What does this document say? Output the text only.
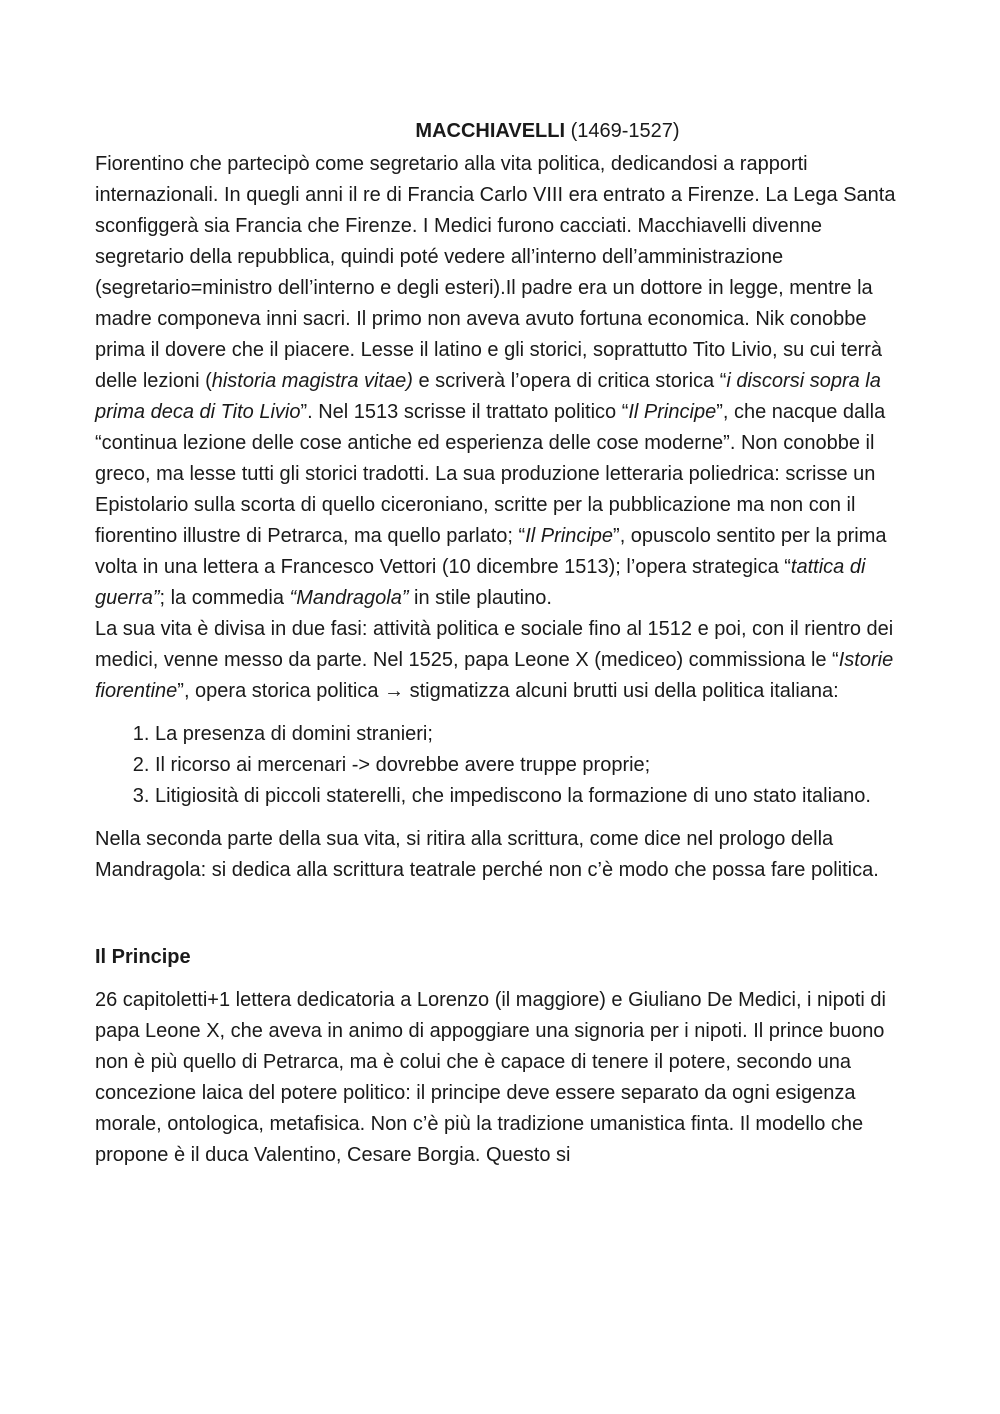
MACCHIAVELLI (1469-1527)

Fiorentino che partecipò come segretario alla vita politica, dedicandosi a rapporti internazionali. In quegli anni il re di Francia Carlo VIII era entrato a Firenze. La Lega Santa sconfiggerà sia Francia che Firenze. I Medici furono cacciati. Macchiavelli divenne segretario della repubblica, quindi poté vedere all’interno dell’amministrazione (segretario=ministro dell’interno e degli esteri).Il padre era un dottore in legge, mentre la madre componeva inni sacri. Il primo non aveva avuto fortuna economica. Nik conobbe prima il dovere che il piacere. Lesse il latino e gli storici, soprattutto Tito Livio, su cui terrà delle lezioni (historia magistra vitae) e scriverà l’opera di critica storica “i discorsi sopra la prima deca di Tito Livio”. Nel 1513 scrisse il trattato politico “Il Principe”, che nacque dalla “continua lezione delle cose antiche ed esperienza delle cose moderne”. Non conobbe il greco, ma lesse tutti gli storici tradotti. La sua produzione letteraria poliedrica: scrisse un Epistolario sulla scorta di quello ciceroniano, scritte per la pubblicazione ma non con il fiorentino illustre di Petrarca, ma quello parlato; “Il Principe”, opuscolo sentito per la prima volta in una lettera a Francesco Vettori (10 dicembre 1513); l’opera strategica “tattica di guerra”; la commedia “Mandragola” in stile plautino.

La sua vita è divisa in due fasi: attività politica e sociale fino al 1512 e poi, con il rientro dei medici, venne messo da parte. Nel 1525, papa Leone X (mediceo) commissiona le “Istorie fiorentine”, opera storica politica → stigmatizza alcuni brutti usi della politica italiana:

1. La presenza di domini stranieri;
2. Il ricorso ai mercenari -> dovrebbe avere truppe proprie;
3. Litigiosità di piccoli staterelli, che impediscono la formazione di uno stato italiano.

Nella seconda parte della sua vita, si ritira alla scrittura, come dice nel prologo della Mandragola: si dedica alla scrittura teatrale perché non c’è modo che possa fare politica.

Il Principe

26 capitoletti+1 lettera dedicatoria a Lorenzo (il maggiore) e Giuliano De Medici, i nipoti di papa Leone X, che aveva in animo di appoggiare una signoria per i nipoti. Il prince buono non è più quello di Petrarca, ma è colui che è capace di tenere il potere, secondo una concezione laica del potere politico: il principe deve essere separato da ogni esigenza morale, ontologica, metafisica. Non c’è più la tradizione umanistica finta. Il modello che propone è il duca Valentino, Cesare Borgia. Questo si
